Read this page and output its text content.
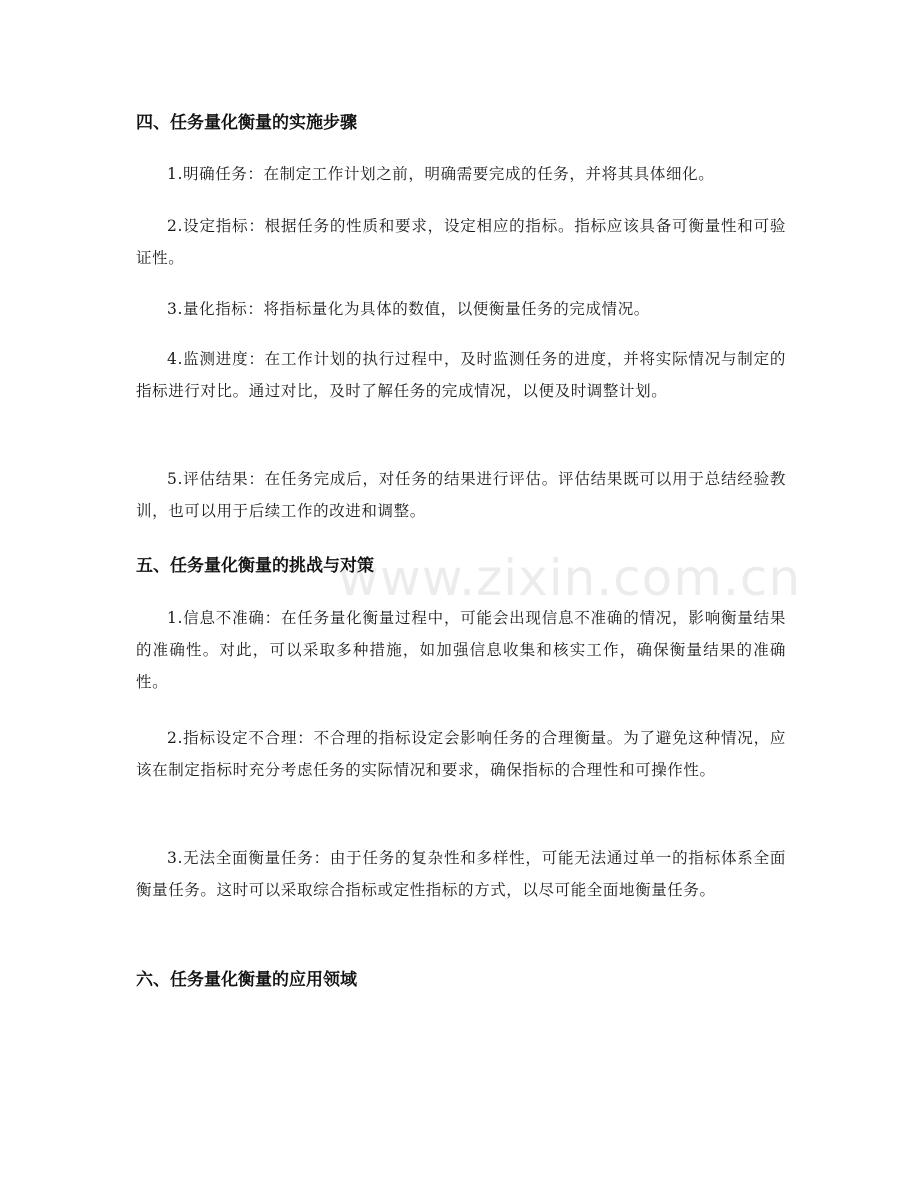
www.zixin.com.cn
四、任务量化衡量的实施步骤

1.明确任务：在制定工作计划之前，明确需要完成的任务，并将其具体细化。

2.设定指标：根据任务的性质和要求，设定相应的指标。指标应该具备可衡量性和可验证性。

3.量化指标：将指标量化为具体的数值，以便衡量任务的完成情况。

4.监测进度：在工作计划的执行过程中，及时监测任务的进度，并将实际情况与制定的指标进行对比。通过对比，及时了解任务的完成情况，以便及时调整计划。

5.评估结果：在任务完成后，对任务的结果进行评估。评估结果既可以用于总结经验教训，也可以用于后续工作的改进和调整。

五、任务量化衡量的挑战与对策

1.信息不准确：在任务量化衡量过程中，可能会出现信息不准确的情况，影响衡量结果的准确性。对此，可以采取多种措施，如加强信息收集和核实工作，确保衡量结果的准确性。

2.指标设定不合理：不合理的指标设定会影响任务的合理衡量。为了避免这种情况，应该在制定指标时充分考虑任务的实际情况和要求，确保指标的合理性和可操作性。

3.无法全面衡量任务：由于任务的复杂性和多样性，可能无法通过单一的指标体系全面衡量任务。这时可以采取综合指标或定性指标的方式，以尽可能全面地衡量任务。

六、任务量化衡量的应用领域
